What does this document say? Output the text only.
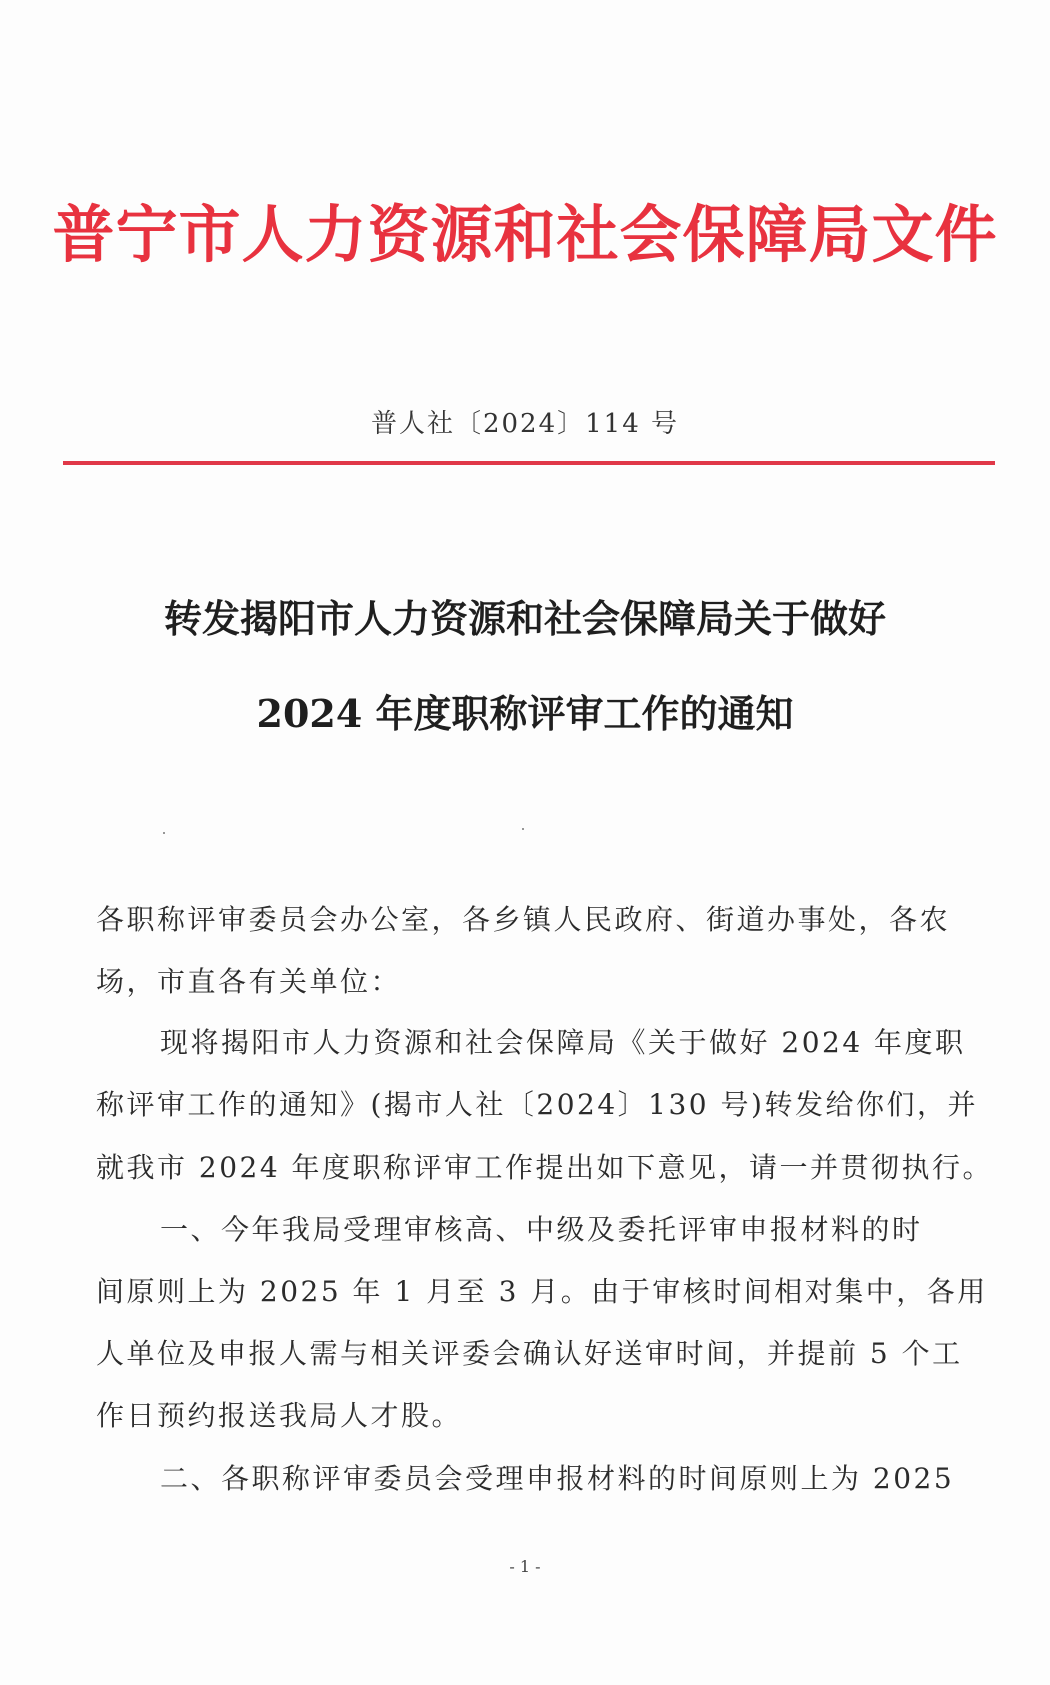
普宁市人力资源和社会保障局文件
普人社〔2024〕114 号
转发揭阳市人力资源和社会保障局关于做好
2024 年度职称评审工作的通知
各职称评审委员会办公室，各乡镇人民政府、街道办事处，各农
场，市直各有关单位：
现将揭阳市人力资源和社会保障局《关于做好 2024 年度职
称评审工作的通知》(揭市人社〔2024〕130 号)转发给你们，并
就我市 2024 年度职称评审工作提出如下意见，请一并贯彻执行。
一、今年我局受理审核高、中级及委托评审申报材料的时
间原则上为 2025 年 1 月至 3 月。由于审核时间相对集中，各用
人单位及申报人需与相关评委会确认好送审时间，并提前 5 个工
作日预约报送我局人才股。
二、各职称评审委员会受理申报材料的时间原则上为 2025
- 1 -
